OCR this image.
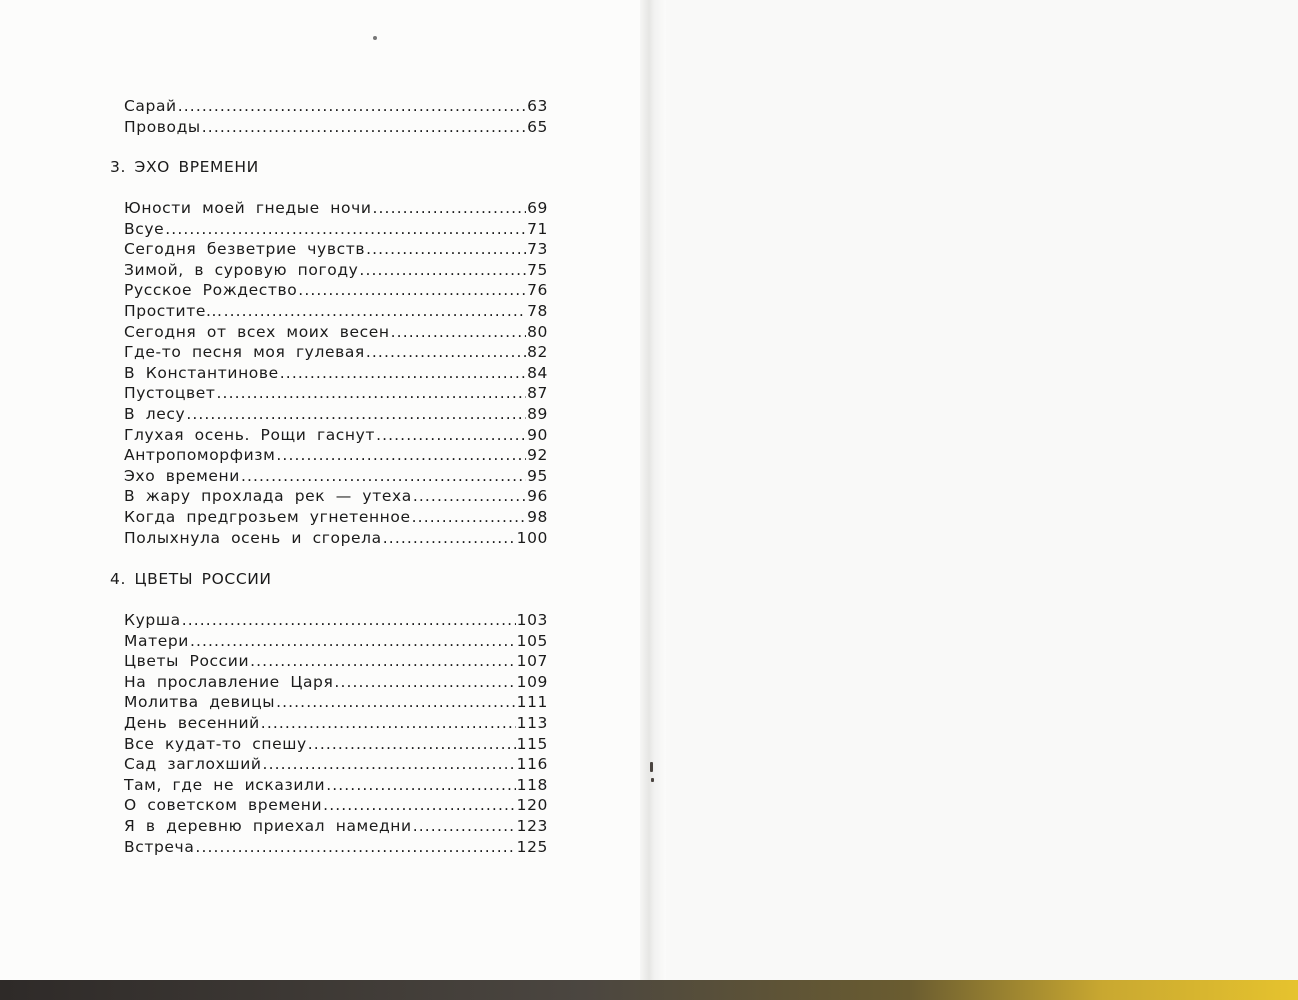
Сарай .....	63
Проводы .....	65
3. ЭХО ВРЕМЕНИ
Юности моей гнедые ночи .....	69
Всуе .....	71
Сегодня безветрие чувств .....	73
Зимой, в суровую погоду .....	75
Русское Рождество .....	76
Простите... .....	78
Сегодня от всех моих весен .....	80
Где-то песня моя гулевая .....	82
В Константинове .....	84
Пустоцвет .....	87
В лесу .....	89
Глухая осень. Рощи гаснут .....	90
Антропоморфизм .....	92
Эхо времени .....	95
В жару прохлада рек — утеха .....	96
Когда предгрозьем угнетенное .....	98
Полыхнула осень и сгорела .....	100
4. ЦВЕТЫ РОССИИ
Курша .....	103
Матери .....	105
Цветы России .....	107
На прославление Царя .....	109
Молитва девицы .....	111
День весенний .....	113
Все кудат-то спешу .....	115
Сад заглохший .....	116
Там, где не исказили .....	118
О советском времени .....	120
Я в деревню приехал намедни .....	123
Встреча .....	125
